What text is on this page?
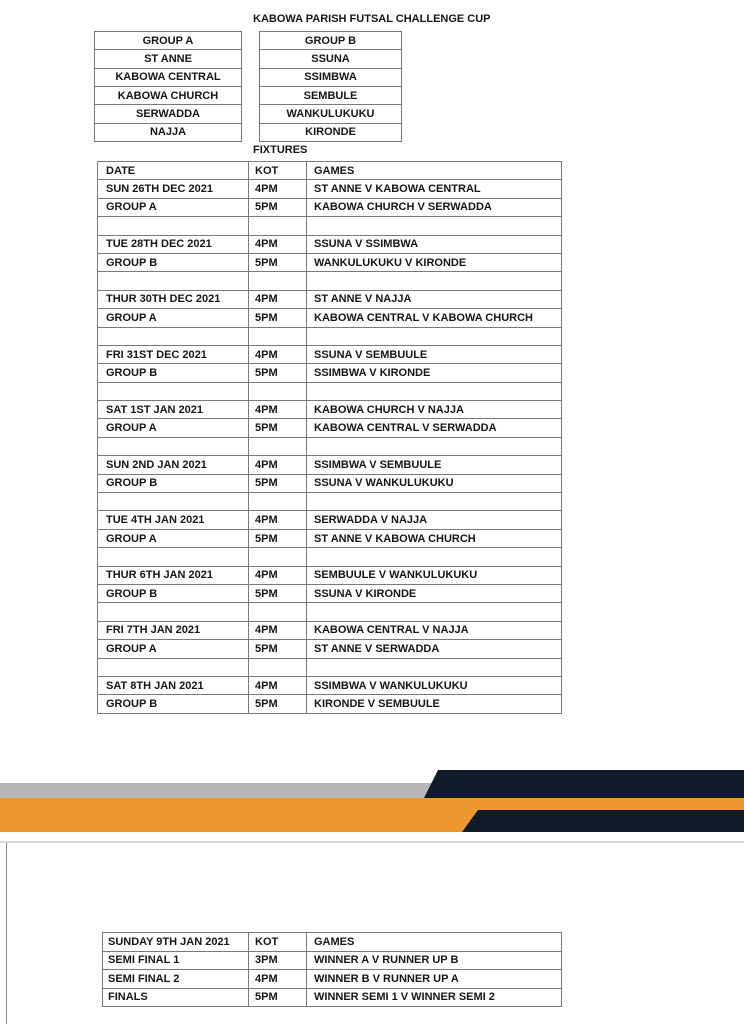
KABOWA PARISH FUTSAL CHALLENGE CUP
GROUP A
ST ANNE
KABOWA CENTRAL
KABOWA CHURCH
SERWADDA
NAJJA
GROUP B
SSUNA
SSIMBWA
SEMBULE
WANKULUKUKU
KIRONDE
FIXTURES
DATE	KOT	GAMES
SUN 26TH DEC 2021	4PM	ST ANNE V KABOWA CENTRAL
GROUP A	5PM	KABOWA CHURCH V SERWADDA

TUE 28TH DEC 2021	4PM	SSUNA V SSIMBWA
GROUP B	5PM	WANKULUKUKU V KIRONDE

THUR 30TH DEC 2021	4PM	ST ANNE V NAJJA
GROUP A	5PM	KABOWA CENTRAL V KABOWA CHURCH

FRI 31ST DEC 2021	4PM	SSUNA V SEMBUULE
GROUP B	5PM	SSIMBWA V KIRONDE

SAT 1ST JAN 2021	4PM	KABOWA CHURCH V NAJJA
GROUP A	5PM	KABOWA CENTRAL V SERWADDA

SUN 2ND JAN 2021	4PM	SSIMBWA V SEMBUULE
GROUP B	5PM	SSUNA V WANKULUKUKU

TUE 4TH JAN 2021	4PM	SERWADDA V NAJJA
GROUP A	5PM	ST ANNE V KABOWA CHURCH

THUR 6TH JAN 2021	4PM	SEMBUULE V WANKULUKUKU
GROUP B	5PM	SSUNA V KIRONDE

FRI 7TH JAN 2021	4PM	KABOWA CENTRAL V NAJJA
GROUP A	5PM	ST ANNE V SERWADDA

SAT 8TH JAN 2021	4PM	SSIMBWA V WANKULUKUKU
GROUP B	5PM	KIRONDE V SEMBUULE
SUNDAY 9TH JAN 2021	KOT	GAMES
SEMI FINAL 1	3PM	WINNER A V RUNNER UP B
SEMI FINAL 2	4PM	WINNER B V RUNNER UP A
FINALS	5PM	WINNER SEMI 1 V WINNER SEMI 2
